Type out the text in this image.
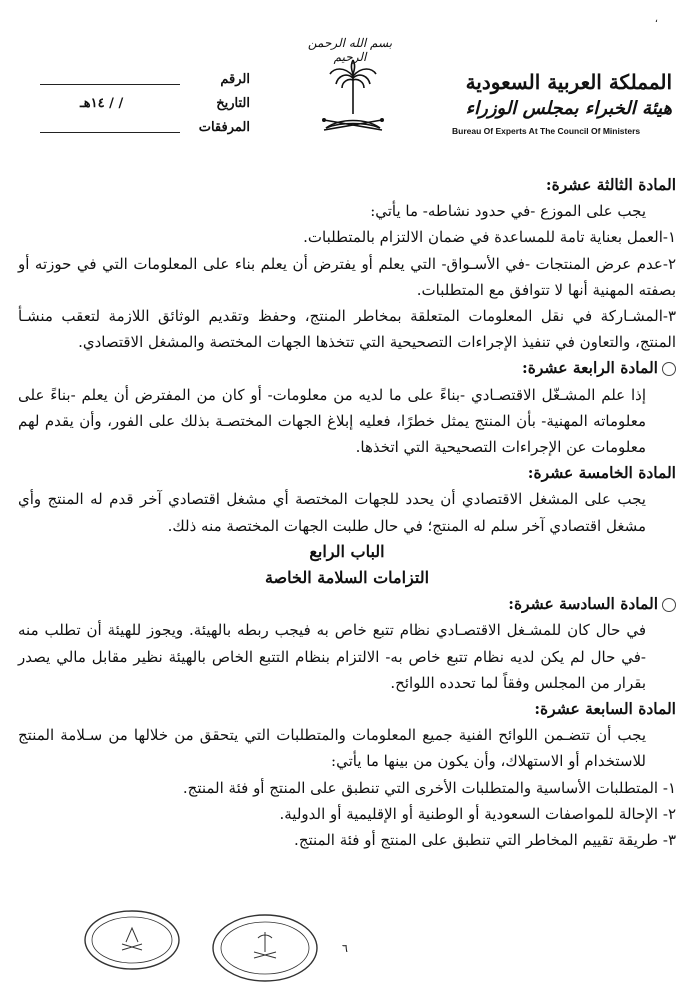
،
المملكة العربية السعودية
هيئة الخبراء بمجلس الوزراء
Bureau Of Experts At The Council Of Ministers
بسم الله الرحمن الرحيم
الرقم
التاريخ
/ / ١٤هـ
المرفقات

المادة الثالثة عشرة:

يجب على الموزع -في حدود نشاطه- ما يأتي:

١-العمل بعناية تامة للمساعدة في ضمان الالتزام بالمتطلبات.

٢-عدم عرض المنتجات -في الأسـواق- التي يعلم أو يفترض أن يعلم بناء على المعلومات التي في حوزته أو بصفته المهنية أنها لا تتوافق مع المتطلبات.

٣-المشـاركة في نقل المعلومات المتعلقة بمخاطر المنتج، وحفظ وتقديم الوثائق اللازمة لتعقب منشـأ المنتج، والتعاون في تنفيذ الإجراءات التصحيحية التي تتخذها الجهات المختصة والمشغل الاقتصادي.

المادة الرابعة عشرة:

إذا علم المشـغّل الاقتصـادي -بناءً على ما لديه من معلومات- أو كان من المفترض أن يعلم -بناءً على معلوماته المهنية- بأن المنتج يمثل خطرًا، فعليه إبلاغ الجهات المختصـة بذلك على الفور، وأن يقدم لهم معلومات عن الإجراءات التصحيحية التي اتخذها.

المادة الخامسة عشرة:

يجب على المشغل الاقتصادي أن يحدد للجهات المختصة أي مشغل اقتصادي آخر قدم له المنتج وأي مشغل اقتصادي آخر سلم له المنتج؛ في حال طلبت الجهات المختصة منه ذلك.

الباب الرابع

التزامات السلامة الخاصة

المادة السادسة عشرة:

في حال كان للمشـغل الاقتصـادي نظام تتبع خاص به فيجب ربطه بالهيئة. ويجوز للهيئة أن تطلب منه -في حال لم يكن لديه نظام تتبع خاص به- الالتزام بنظام التتبع الخاص بالهيئة نظير مقابل مالي يصدر بقرار من المجلس وفقاً لما تحدده اللوائح.

المادة السابعة عشرة:

يجب أن تتضـمن اللوائح الفنية جميع المعلومات والمتطلبات التي يتحقق من خلالها من سـلامة المنتج للاستخدام أو الاستهلاك، وأن يكون من بينها ما يأتي:

١- المتطلبات الأساسية والمتطلبات الأخرى التي تنطبق على المنتج أو فئة المنتج.

٢- الإحالة للمواصفات السعودية أو الوطنية أو الإقليمية أو الدولية.

٣- طريقة تقييم المخاطر التي تنطبق على المنتج أو فئة المنتج.

٦
